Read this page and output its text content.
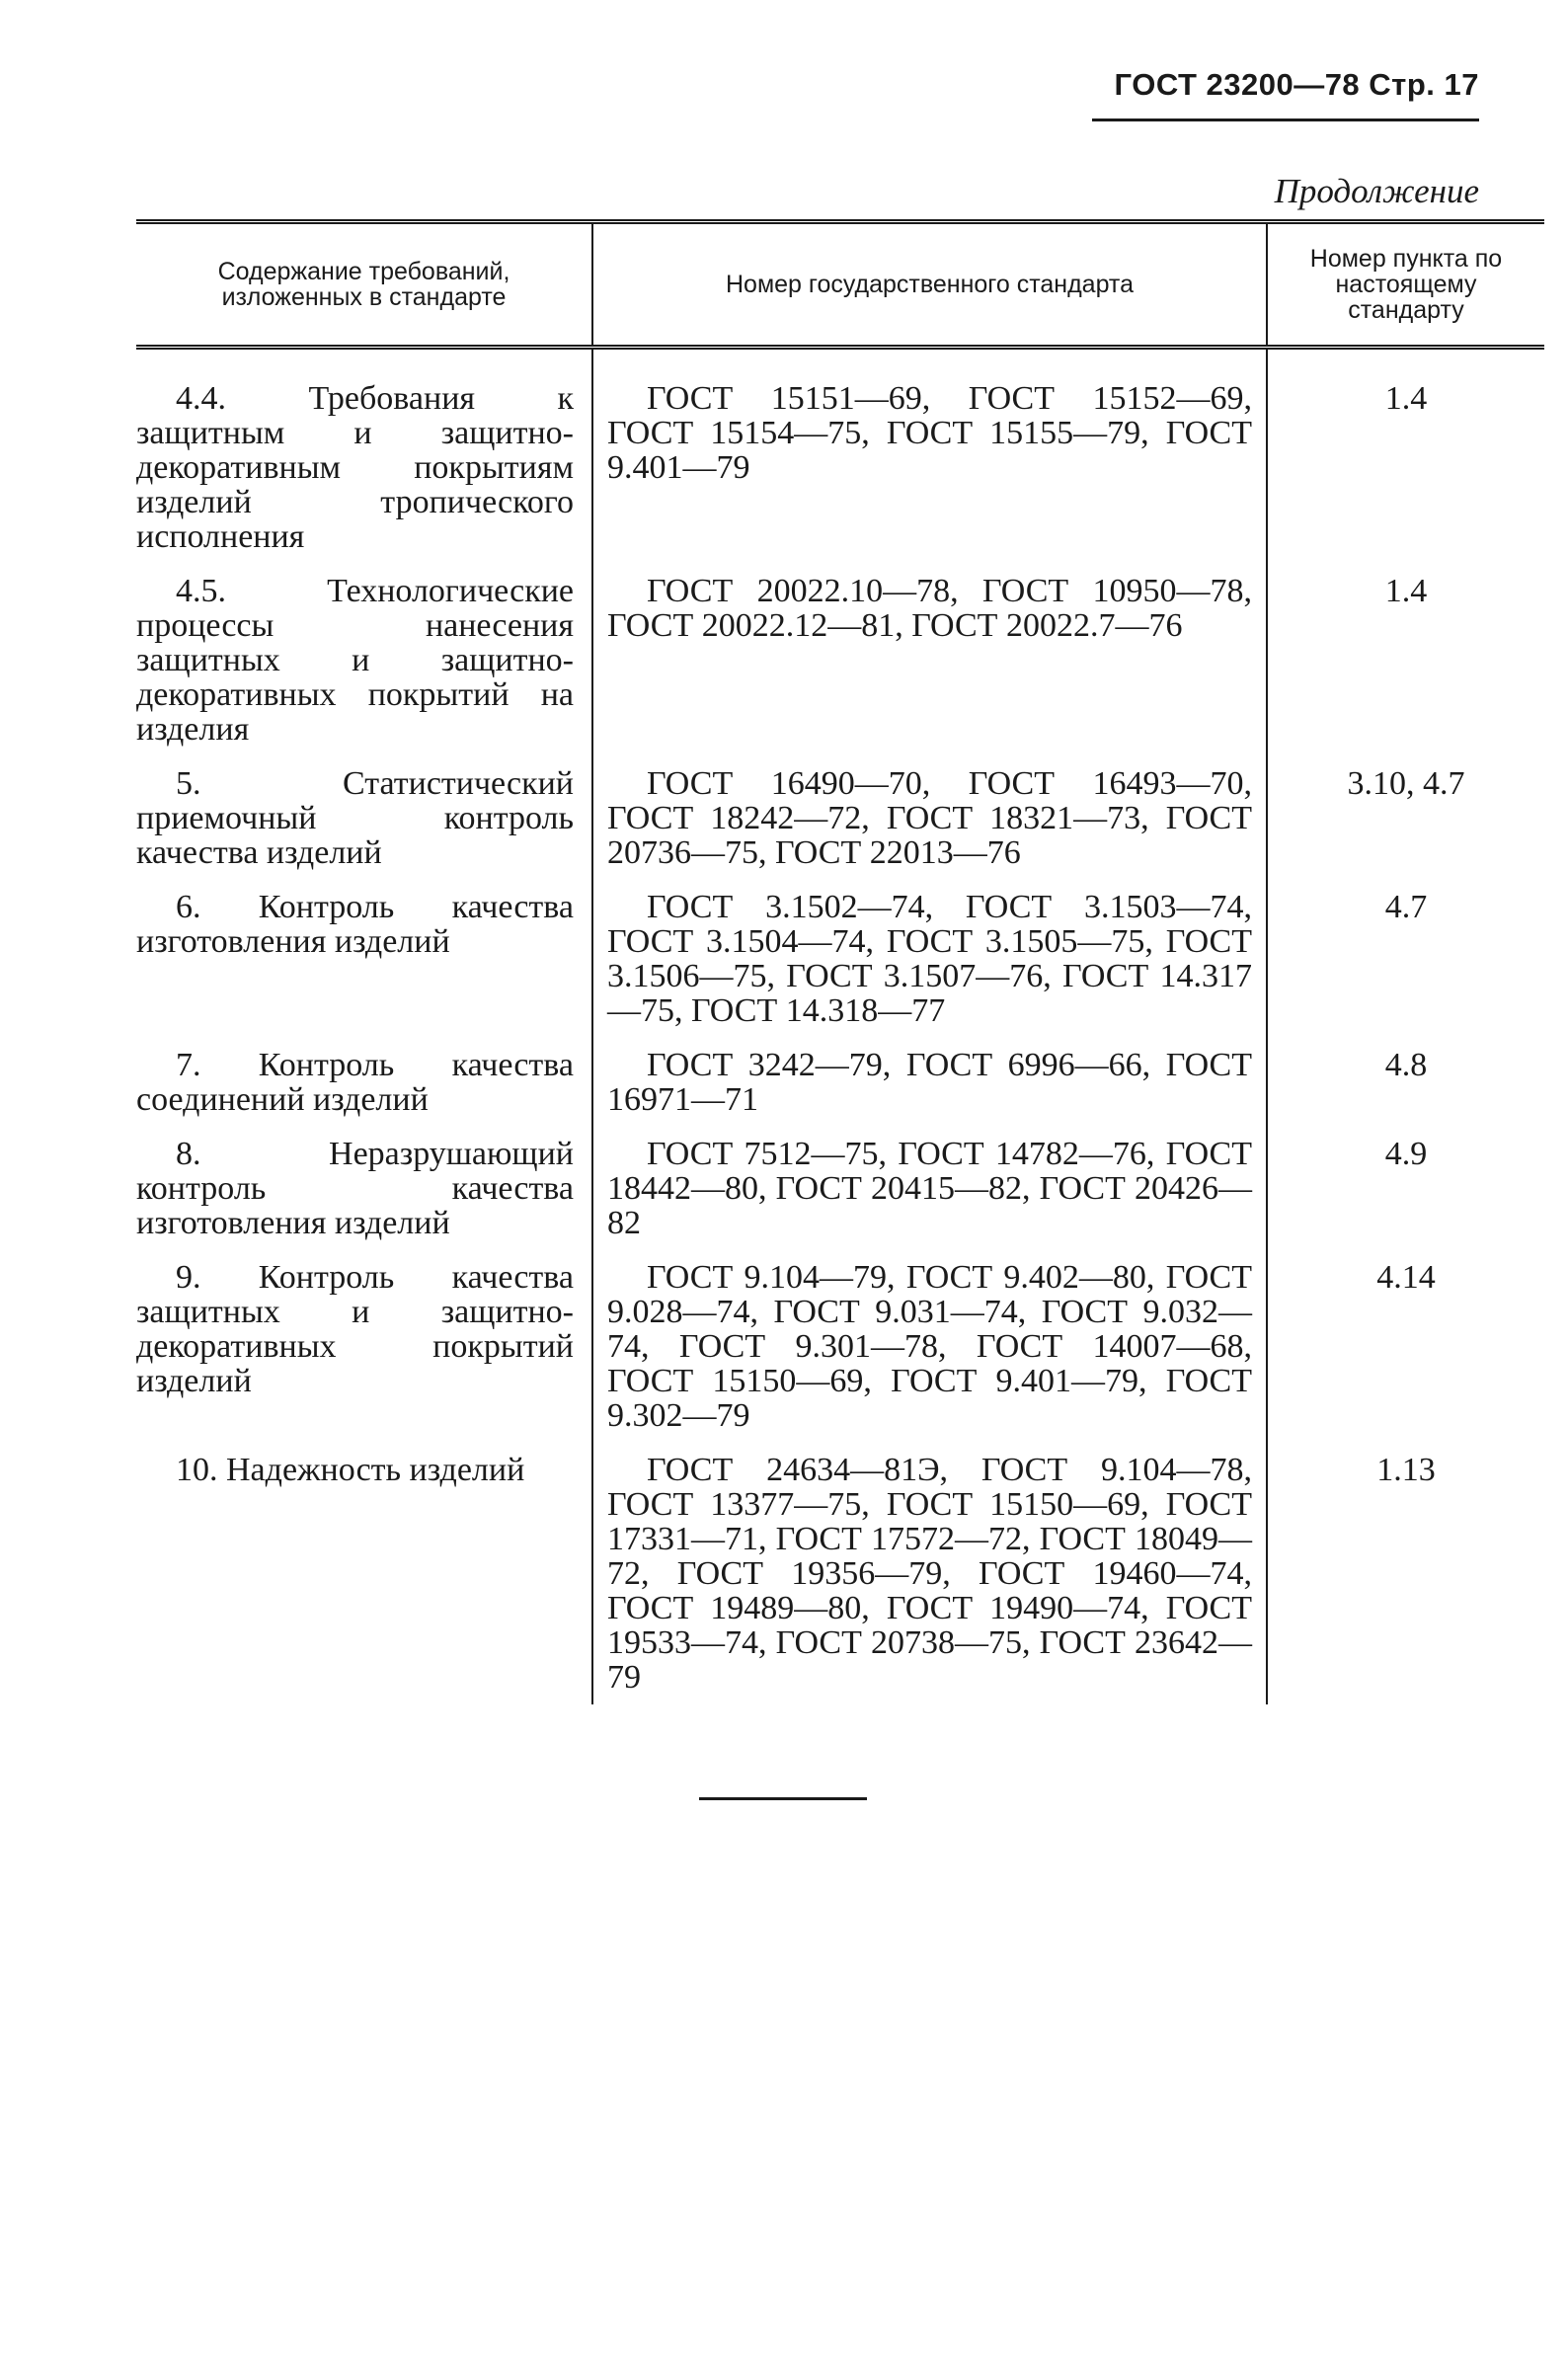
ГОСТ 23200—78 Стр. 17
Продолжение
Содержание требований, изложенных в стандарте	Номер государственного стандарта	Номер пункта по настоящему стандарту
4.4. Требования к защитным и защитно-декоративным покрытиям изделий тропического исполнения	ГОСТ 15151—69, ГОСТ 15152—69, ГОСТ 15154—75, ГОСТ 15155—79, ГОСТ 9.401—79	1.4
4.5. Технологические процессы нанесения защитных и защитно-декоративных покрытий на изделия	ГОСТ 20022.10—78, ГОСТ 10950—78, ГОСТ 20022.12—81, ГОСТ 20022.7—76	1.4
5. Статистический приемочный контроль качества изделий	ГОСТ 16490—70, ГОСТ 16493—70, ГОСТ 18242—72, ГОСТ 18321—73, ГОСТ 20736—75, ГОСТ 22013—76	3.10, 4.7
6. Контроль качества изготовления изделий	ГОСТ 3.1502—74, ГОСТ 3.1503—74, ГОСТ 3.1504—74, ГОСТ 3.1505—75, ГОСТ 3.1506—75, ГОСТ 3.1507—76, ГОСТ 14.317—75, ГОСТ 14.318—77	4.7
7. Контроль качества соединений изделий	ГОСТ 3242—79, ГОСТ 6996—66, ГОСТ 16971—71	4.8
8. Неразрушающий контроль качества изготовления изделий	ГОСТ 7512—75, ГОСТ 14782—76, ГОСТ 18442—80, ГОСТ 20415—82, ГОСТ 20426—82	4.9
9. Контроль качества защитных и защитно-декоративных покрытий изделий	ГОСТ 9.104—79, ГОСТ 9.402—80, ГОСТ 9.028—74, ГОСТ 9.031—74, ГОСТ 9.032—74, ГОСТ 9.301—78, ГОСТ 14007—68, ГОСТ 15150—69, ГОСТ 9.401—79, ГОСТ 9.302—79	4.14
10. Надежность изделий	ГОСТ 24634—81Э, ГОСТ 9.104—78, ГОСТ 13377—75, ГОСТ 15150—69, ГОСТ 17331—71, ГОСТ 17572—72, ГОСТ 18049—72, ГОСТ 19356—79, ГОСТ 19460—74, ГОСТ 19489—80, ГОСТ 19490—74, ГОСТ 19533—74, ГОСТ 20738—75, ГОСТ 23642—79	1.13
